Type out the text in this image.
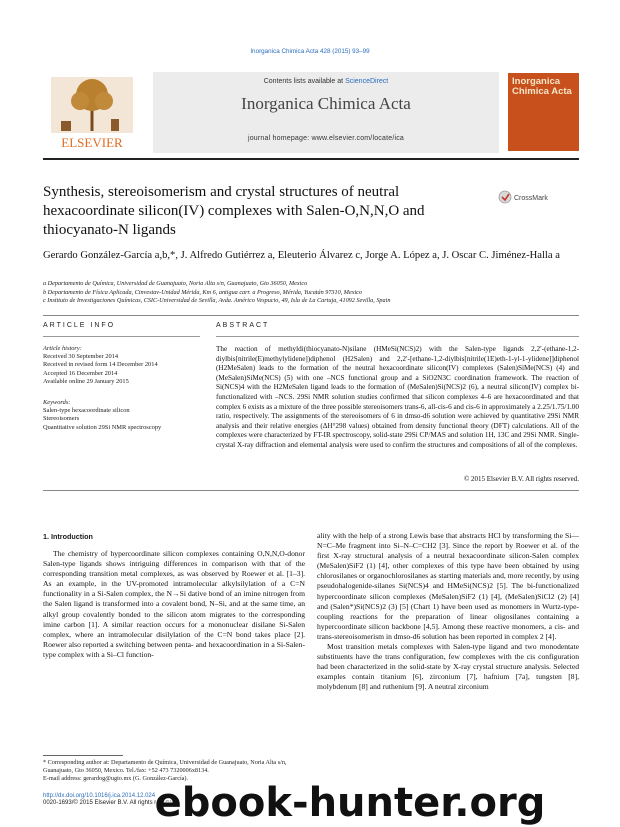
Inorganica Chimica Acta 428 (2015) 93–99
Contents lists available at ScienceDirect
Inorganica Chimica Acta
journal homepage: www.elsevier.com/locate/ica
ELSEVIER
Inorganica Chimica Acta
Synthesis, stereoisomerism and crystal structures of neutral hexacoordinate silicon(IV) complexes with Salen-O,N,N,O and thiocyanato-N ligands
CrossMark
Gerardo González-García a,b,*, J. Alfredo Gutiérrez a, Eleuterio Álvarez c, Jorge A. López a, J. Oscar C. Jiménez-Halla a
a Departamento de Química, Universidad de Guanajuato, Noria Alta s/n, Guanajuato, Gto 36050, Mexico
b Departamento de Física Aplicada, Cinvestav-Unidad Mérida, Km 6, antigua carr. a Progreso, Mérida, Yucatán 97310, Mexico
c Instituto de Investigaciones Químicas, CSIC-Universidad de Sevilla, Avda. Américo Vespucio, 49, Isla de La Cartuja, 41092 Sevilla, Spain
ARTICLE INFO	ABSTRACT
Article history:
Received 30 September 2014
Received in revised form 14 December 2014
Accepted 16 December 2014
Available online 29 January 2015
Keywords:
Salen-type hexacoordinate silicon
Stereoisomers
Quantitative solution 29Si NMR spectroscopy
The reaction of methyldi(thiocyanato-N)silane (HMeSi(NCS)2) with the Salen-type ligands 2,2′-(ethane-1,2-diylbis[nitrile(E)methylylidene])diphenol (H2Salen) and 2,2′-[ethane-1,2-diylbis[nitrile(1E)eth-1-yl-1-ylidene]]diphenol (H2MeSalen) leads to the formation of the neutral hexacoordinate silicon(IV) complexes (Salen)SiMe(NCS) (4) and (MeSalen)SiMe(NCS) (5) with one –NCS functional group and a SiO2N3C coordination framework. The reaction of Si(NCS)4 with the H2MeSalen ligand leads to the formation of (MeSalen)Si(NCS)2 (6), a neutral silicon(IV) complex bi-functionalized with –NCS. 29Si NMR solution studies confirmed that silicon complexes 4–6 are hexacoordinated and that complex 6 exists as a mixture of the three possible stereoisomers trans-6, all-cis-6 and cis-6 in approximately a 2.25/1.75/1.00 ratio, respectively. The assignments of the stereoisomers of 6 in dmso-d6 solution were achieved by quantitative 29Si NMR analysis and their relative energies (ΔH°298 values) obtained from density functional theory (DFT) calculations. All of the complexes were characterized by FT-IR spectroscopy, solid-state 29Si CP/MAS and solution 1H, 13C and 29Si NMR. Single-crystal X-ray diffraction and elemental analysis were used to confirm the structures and compositions of all of the complexes.
© 2015 Elsevier B.V. All rights reserved.
1. Introduction

The chemistry of hypercoordinate silicon complexes containing O,N,N,O-donor Salen-type ligands shows intriguing differences in comparison with that of the corresponding transition metal complexes, as was observed by Roewer et al. [1–3]. As an example, in the UV-promoted intramolecular alkylsilylation of a C=N functionality in a Si-Salen complex, the N→Si dative bond of an imine nitrogen from the Salen ligand is transformed into a covalent bond, N–Si, and at the same time, an alkyl group covalently bonded to the silicon atom migrates to the corresponding imine carbon [1]. A similar reaction occurs for a mononuclear disilane Si-Salen complex, where an intramolecular disilylation of the C=N bond takes place [2]. Roewer also reported a switching between penta- and hexacoordination in a Si-Salen-type complex with a Si–Cl function-

ality with the help of a strong Lewis base that abstracts HCl by transforming the Si—N=C–Me fragment into Si–N–C=CH2 [3]. Since the report by Roewer et al. of the first X-ray structural analysis of a neutral hexacoordinate silicon-Salen complex (MeSalen)SiF2 (1) [4], other complexes of this type have been obtained by using chlorosilanes or organochlorosilanes as starting materials and, more recently, by using pseudohalogenide-silanes Si(NCS)4 and HMeSi(NCS)2 [5]. The bi-functionalized hypercoordinate silicon complexes (MeSalen)SiF2 (1) [4], (MeSalen)SiCl2 (2) [4] and (Salen*)Si(NCS)2 (3) [5] (Chart 1) have been used as monomers in Wurtz-type-coupling reactions for the preparation of linear oligosilanes containing a hypercoordinate silicon backbone [4,5]. Among these reactive monomers, a cis- and trans-stereoisomerism in dmso-d6 solution has been reported in complex 2 [4].

Most transition metals complexes with Salen-type ligand and two monodentate substituents have the trans configuration, few complexes with the cis configuration had been characterized in the solid-state by X-ray crystal structure analysis. Selected examples contain titanium [6], zirconium [7], hafnium [7a], tungsten [8], molybdenum [8] and ruthenium [9]. A neutral zirconium

* Corresponding author at: Departamento de Química, Universidad de Guanajuato, Noria Alta s/n, Guanajuato, Gto 36050, Mexico. Tel./fax: +52 473 7320006x8134.
E-mail address: gerardog@ugto.mx (G. González-García).
http://dx.doi.org/10.1016/j.ica.2014.12.024
0020-1693/© 2015 Elsevier B.V. All rights reserved.
ebook-hunter.org
